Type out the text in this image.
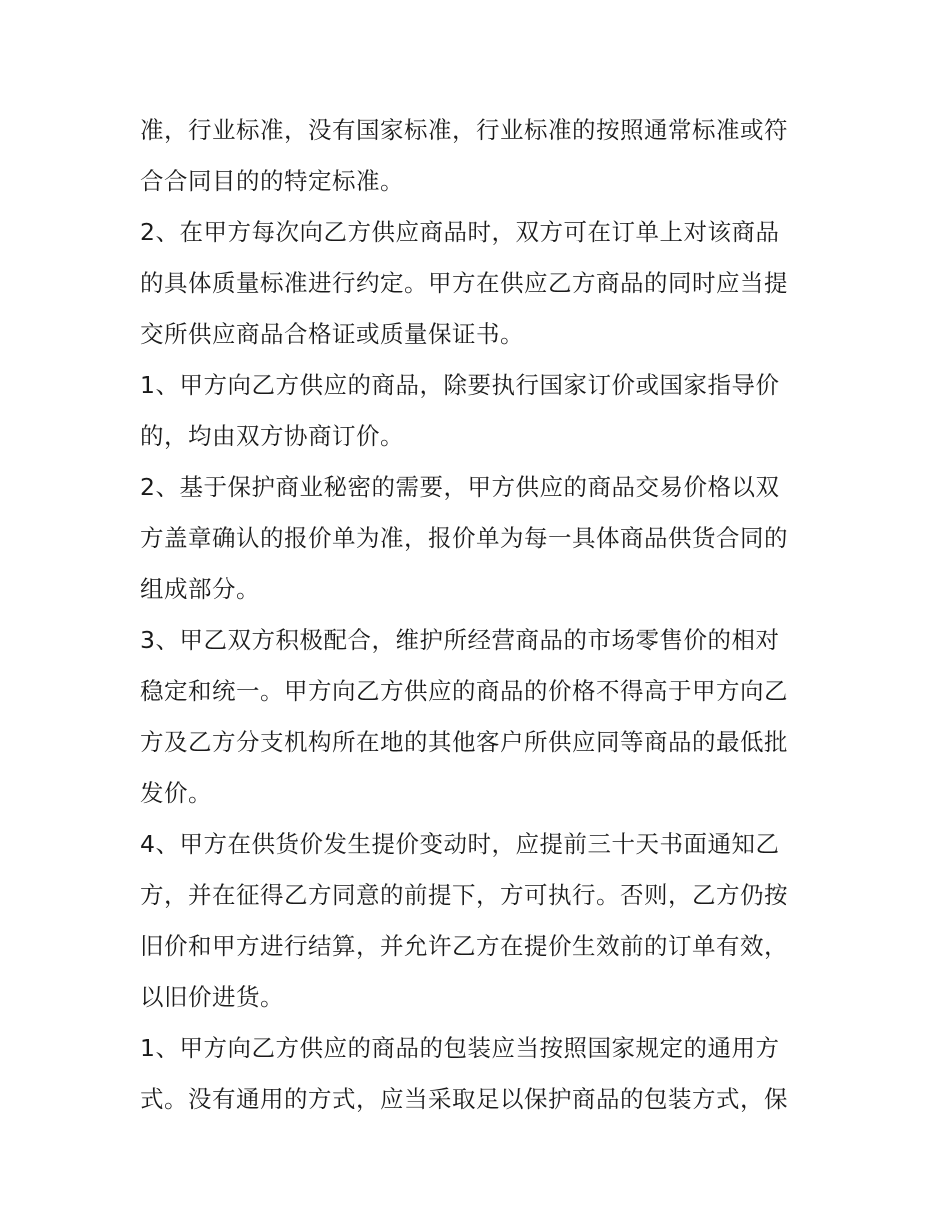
准，行业标准，没有国家标准，行业标准的按照通常标准或符
合合同目的的特定标准。

2、在甲方每次向乙方供应商品时，双方可在订单上对该商品
的具体质量标准进行约定。甲方在供应乙方商品的同时应当提
交所供应商品合格证或质量保证书。

1、甲方向乙方供应的商品，除要执行国家订价或国家指导价
的，均由双方协商订价。

2、基于保护商业秘密的需要，甲方供应的商品交易价格以双
方盖章确认的报价单为准，报价单为每一具体商品供货合同的
组成部分。

3、甲乙双方积极配合，维护所经营商品的市场零售价的相对
稳定和统一。甲方向乙方供应的商品的价格不得高于甲方向乙
方及乙方分支机构所在地的其他客户所供应同等商品的最低批
发价。

4、甲方在供货价发生提价变动时，应提前三十天书面通知乙
方，并在征得乙方同意的前提下，方可执行。否则，乙方仍按
旧价和甲方进行结算，并允许乙方在提价生效前的订单有效，
以旧价进货。

1、甲方向乙方供应的商品的包装应当按照国家规定的通用方
式。没有通用的方式，应当采取足以保护商品的包装方式，保
